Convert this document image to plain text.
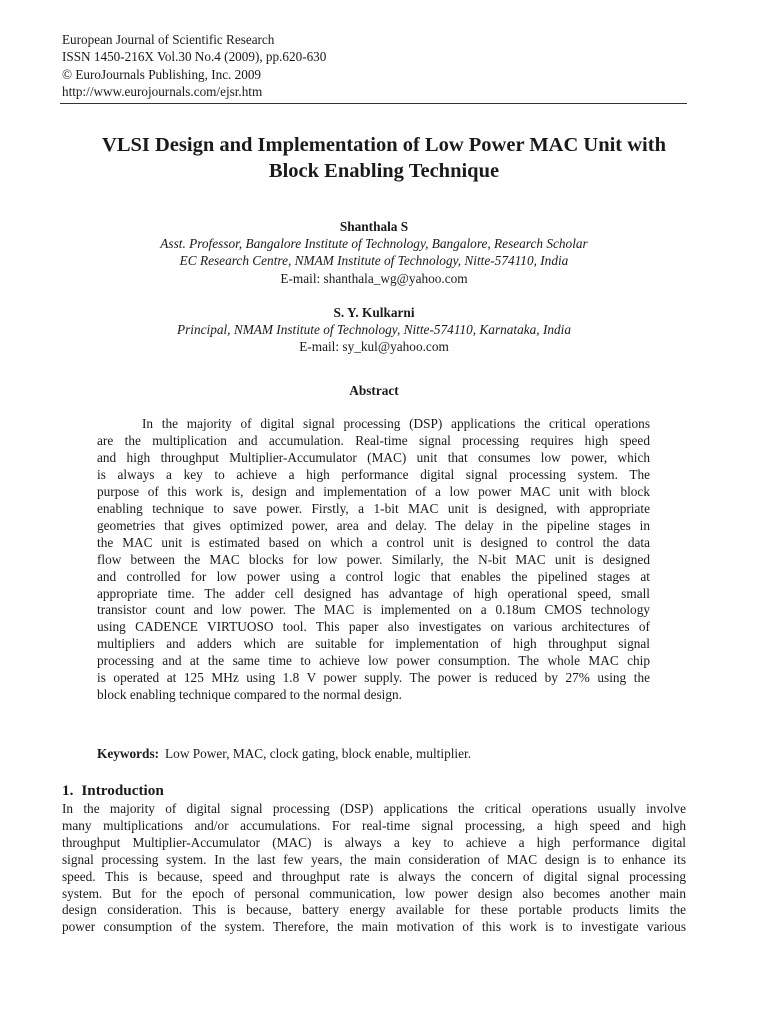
European Journal of Scientific Research
ISSN 1450-216X Vol.30 No.4 (2009), pp.620-630
© EuroJournals Publishing, Inc. 2009
http://www.eurojournals.com/ejsr.htm
VLSI Design and Implementation of Low Power MAC Unit with
Block Enabling Technique
Shanthala S
Asst. Professor, Bangalore Institute of Technology, Bangalore, Research Scholar
EC Research Centre, NMAM Institute of Technology, Nitte-574110, India
E-mail: shanthala_wg@yahoo.com
S. Y. Kulkarni
Principal, NMAM Institute of Technology, Nitte-574110, Karnataka, India
E-mail: sy_kul@yahoo.com
Abstract
In the majority of digital signal processing (DSP) applications the critical operations
are the multiplication and accumulation. Real-time signal processing requires high speed
and high throughput Multiplier-Accumulator (MAC) unit that consumes low power, which
is always a key to achieve a high performance digital signal processing system. The
purpose of this work is, design and implementation of a low power MAC unit with block
enabling technique to save power. Firstly, a 1-bit MAC unit is designed, with appropriate
geometries that gives optimized power, area and delay. The delay in the pipeline stages in
the MAC unit is estimated based on which a control unit is designed to control the data
flow between the MAC blocks for low power. Similarly, the N-bit MAC unit is designed
and controlled for low power using a control logic that enables the pipelined stages at
appropriate time. The adder cell designed has advantage of high operational speed, small
transistor count and low power. The MAC is implemented on a 0.18um CMOS technology
using CADENCE VIRTUOSO tool. This paper also investigates on various architectures of
multipliers and adders which are suitable for implementation of high throughput signal
processing and at the same time to achieve low power consumption. The whole MAC chip
is operated at 125 MHz using 1.8 V power supply. The power is reduced by 27% using the
block enabling technique compared to the normal design.
Keywords: Low Power, MAC, clock gating, block enable, multiplier.
1. Introduction
In the majority of digital signal processing (DSP) applications the critical operations usually involve
many multiplications and/or accumulations. For real-time signal processing, a high speed and high
throughput Multiplier-Accumulator (MAC) is always a key to achieve a high performance digital
signal processing system. In the last few years, the main consideration of MAC design is to enhance its
speed. This is because, speed and throughput rate is always the concern of digital signal processing
system. But for the epoch of personal communication, low power design also becomes another main
design consideration. This is because, battery energy available for these portable products limits the
power consumption of the system. Therefore, the main motivation of this work is to investigate various
